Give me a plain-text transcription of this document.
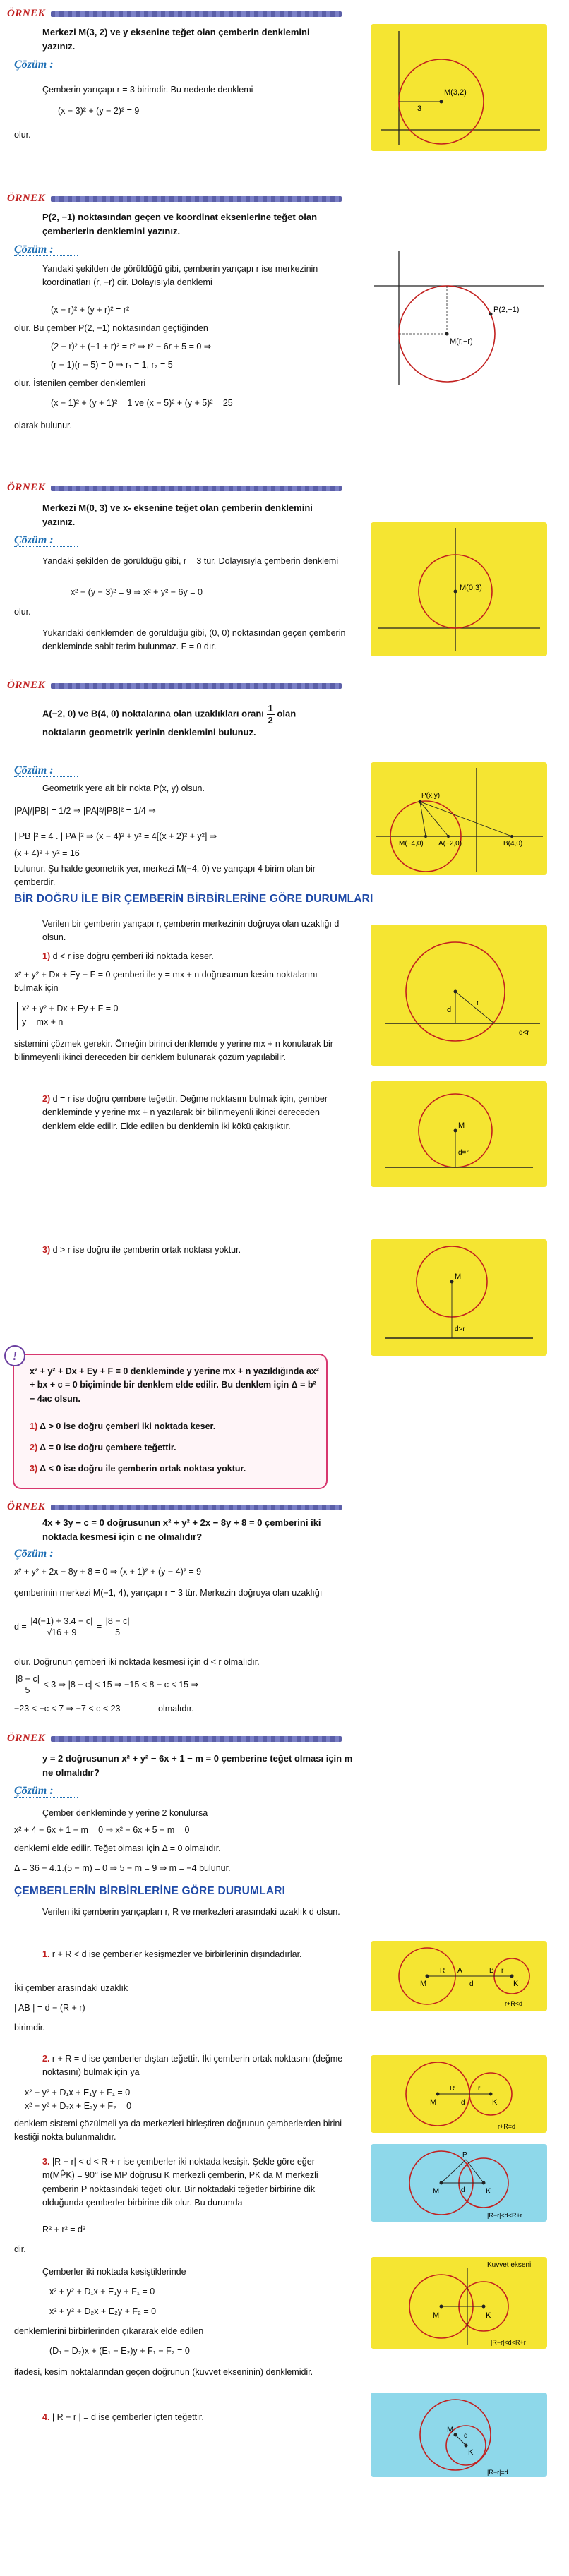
ÖRNEK
Merkezi M(3, 2) ve y eksenine teğet olan çemberin denklemini yazınız.
Çözüm :
Çemberin yarıçapı r = 3 birimdir. Bu nedenle denklemi
(x − 3)² + (y − 2)² = 9
olur.
M(3,2)
3
ÖRNEK
P(2, −1) noktasından geçen ve koordinat eksenlerine teğet olan çemberlerin denklemini yazınız.
Çözüm :
Yandaki şekilden de görüldüğü gibi, çemberin yarıçapı r ise merkezinin koordinatları (r, −r) dir. Dolayısıyla denklemi
(x − r)² + (y + r)² = r²
olur. Bu çember P(2, −1) noktasından geçtiğinden
(2 − r)² + (−1 + r)² = r² ⇒ r² − 6r + 5 = 0 ⇒
(r − 1)(r − 5) = 0 ⇒ r₁ = 1, r₂ = 5
olur. İstenilen çember denklemleri
(x − 1)² + (y + 1)² = 1 ve (x − 5)² + (y + 5)² = 25
olarak bulunur.
P(2,−1)
M(r,−r)
ÖRNEK
Merkezi M(0, 3) ve x- eksenine teğet olan çemberin denklemini yazınız.
Çözüm :
Yandaki şekilden de görüldüğü gibi, r = 3 tür. Dolayısıyla çemberin denklemi
x² + (y − 3)² = 9 ⇒ x² + y² − 6y = 0
olur.
Yukarıdaki denklemden de görüldüğü gibi, (0, 0) noktasından geçen çemberin denkleminde sabit terim bulunmaz. F = 0 dır.
M(0,3)
ÖRNEK
A(−2, 0) ve B(4, 0) noktalarına olan uzaklıkları oranı $\frac{1}{2}$ olan noktaların geometrik yerinin denklemini bulunuz.
Çözüm :
Geometrik yere ait bir nokta P(x, y) olsun.
|PA|/|PB| = 1/2 ⇒ |PA|²/|PB|² = 1/4 ⇒
| PB |² = 4 . | PA |² ⇒ (x − 4)² + y² = 4[(x + 2)² + y²] ⇒
(x + 4)² + y² = 16
bulunur. Şu halde geometrik yer, merkezi M(−4, 0) ve yarıçapı 4 birim olan bir çemberdir.
P(x,y)
M(−4,0) A(−2,0)	B(4,0)
BİR DOĞRU İLE BİR ÇEMBERİN BİRBİRLERİNE GÖRE DURUMLARI
Verilen bir çemberin yarıçapı r, çemberin merkezinin doğruya olan uzaklığı d olsun.
1) d < r ise doğru çemberi iki noktada keser.
x² + y² + Dx + Ey + F = 0 çemberi ile y = mx + n doğrusunun kesim noktalarını bulmak için
x² + y² + Dx + Ey + F = 0
y = mx + n
sistemini çözmek gerekir. Örneğin birinci denklemde y yerine mx + n konularak bir bilinmeyenli ikinci dereceden bir denklem bulunarak çözüm yapılabilir.
2) d = r ise doğru çembere teğettir. Değme noktasını bulmak için, çember denkleminde y yerine mx + n yazılarak bir bilinmeyenli ikinci dereceden denklem elde edilir. Elde edilen bu denklemin iki kökü çakışıktır.
3) d > r ise doğru ile çemberin ortak noktası yoktur.
d
r
d<r
M
d=r
M
d>r
!
x² + y² + Dx + Ey + F = 0 denkleminde y yerine mx + n yazıldığında ax² + bx + c = 0 biçiminde bir denklem elde edilir. Bu denklem için Δ = b² − 4ac olsun.
1) Δ > 0 ise doğru çemberi iki noktada keser.
2) Δ = 0 ise doğru çembere teğettir.
3) Δ < 0 ise doğru ile çemberin ortak noktası yoktur.
ÖRNEK
4x + 3y − c = 0 doğrusunun x² + y² + 2x − 8y + 8 = 0 çemberini iki noktada kesmesi için c ne olmalıdır?
Çözüm :
x² + y² + 2x − 8y + 8 = 0 ⇒ (x + 1)² + (y − 4)² = 9
çemberinin merkezi M(−1, 4), yarıçapı r = 3 tür. Merkezin doğruya olan uzaklığı
$d = \frac{|4(-1) + 3.4 - c|}{√16 + 9} = \frac{|8 - c|}{5}$
olur. Doğrunun çemberi iki noktada kesmesi için d < r olmalıdır.
$\frac{|8 - c|}{5} < 3$ ⇒ |8 − c| < 15 ⇒ −15 < 8 − c < 15 ⇒
−23 < −c < 7 ⇒ −7 < c < 23	olmalıdır.
ÖRNEK
y = 2 doğrusunun x² + y² − 6x + 1 − m = 0 çemberine teğet olması için m ne olmalıdır?
Çözüm :
Çember denkleminde y yerine 2 konulursa
x² + 4 − 6x + 1 − m = 0 ⇒ x² − 6x + 5 − m = 0
denklemi elde edilir. Teğet olması için Δ = 0 olmalıdır.
Δ = 36 − 4.1.(5 − m) = 0 ⇒ 5 − m = 9 ⇒ m = −4 bulunur.
ÇEMBERLERİN BİRBİRLERİNE GÖRE DURUMLARI
Verilen iki çemberin yarıçapları r, R ve merkezleri arasındaki uzaklık d olsun.
1. r + R < d ise çemberler kesişmezler ve birbirlerinin dışındadırlar.
İki çember arasındaki uzaklık
| AB | = d − (R + r)
birimdir.
2. r + R = d ise çemberler dıştan teğettir. İki çemberin ortak noktasını (değme noktasını) bulmak için ya
x² + y² + D₁x + E₁y + F₁ = 0
x² + y² + D₂x + E₂y + F₂ = 0
denklem sistemi çözülmeli ya da merkezleri birleştiren doğrunun çemberlerden birini kestiği nokta bulunmalıdır.
3. |R − r| < d < R + r ise çemberler iki noktada kesişir. Şekle göre eğer m(MP̂K) = 90° ise MP doğrusu K merkezli çemberin, PK da M merkezli çemberin P noktasındaki teğeti olur. Bir noktadaki teğetler birbirine dik olduğunda çemberler birbirine dik olur. Bu durumda
R² + r² = d²
dir.
Çemberler iki noktada kesiştiklerinde
x² + y² + D₁x + E₁y + F₁ = 0
x² + y² + D₂x + E₂y + F₂ = 0
denklemlerini birbirlerinden çıkararak elde edilen
(D₁ − D₂)x + (E₁ − E₂)y + F₁ − F₂ = 0
ifadesi, kesim noktalarından geçen doğrunun (kuvvet ekseninin) denklemidir.
4. | R − r | = d ise çemberler içten teğettir.
M	K
R	r
A	B
d
r+R<d
M	K
R	r
d
r+R=d
M	K
P
d
|R−r|<d<R+r
Kuvvet ekseni
M	K
|R−r|<d<R+r
M
K
d
|R−r|=d
